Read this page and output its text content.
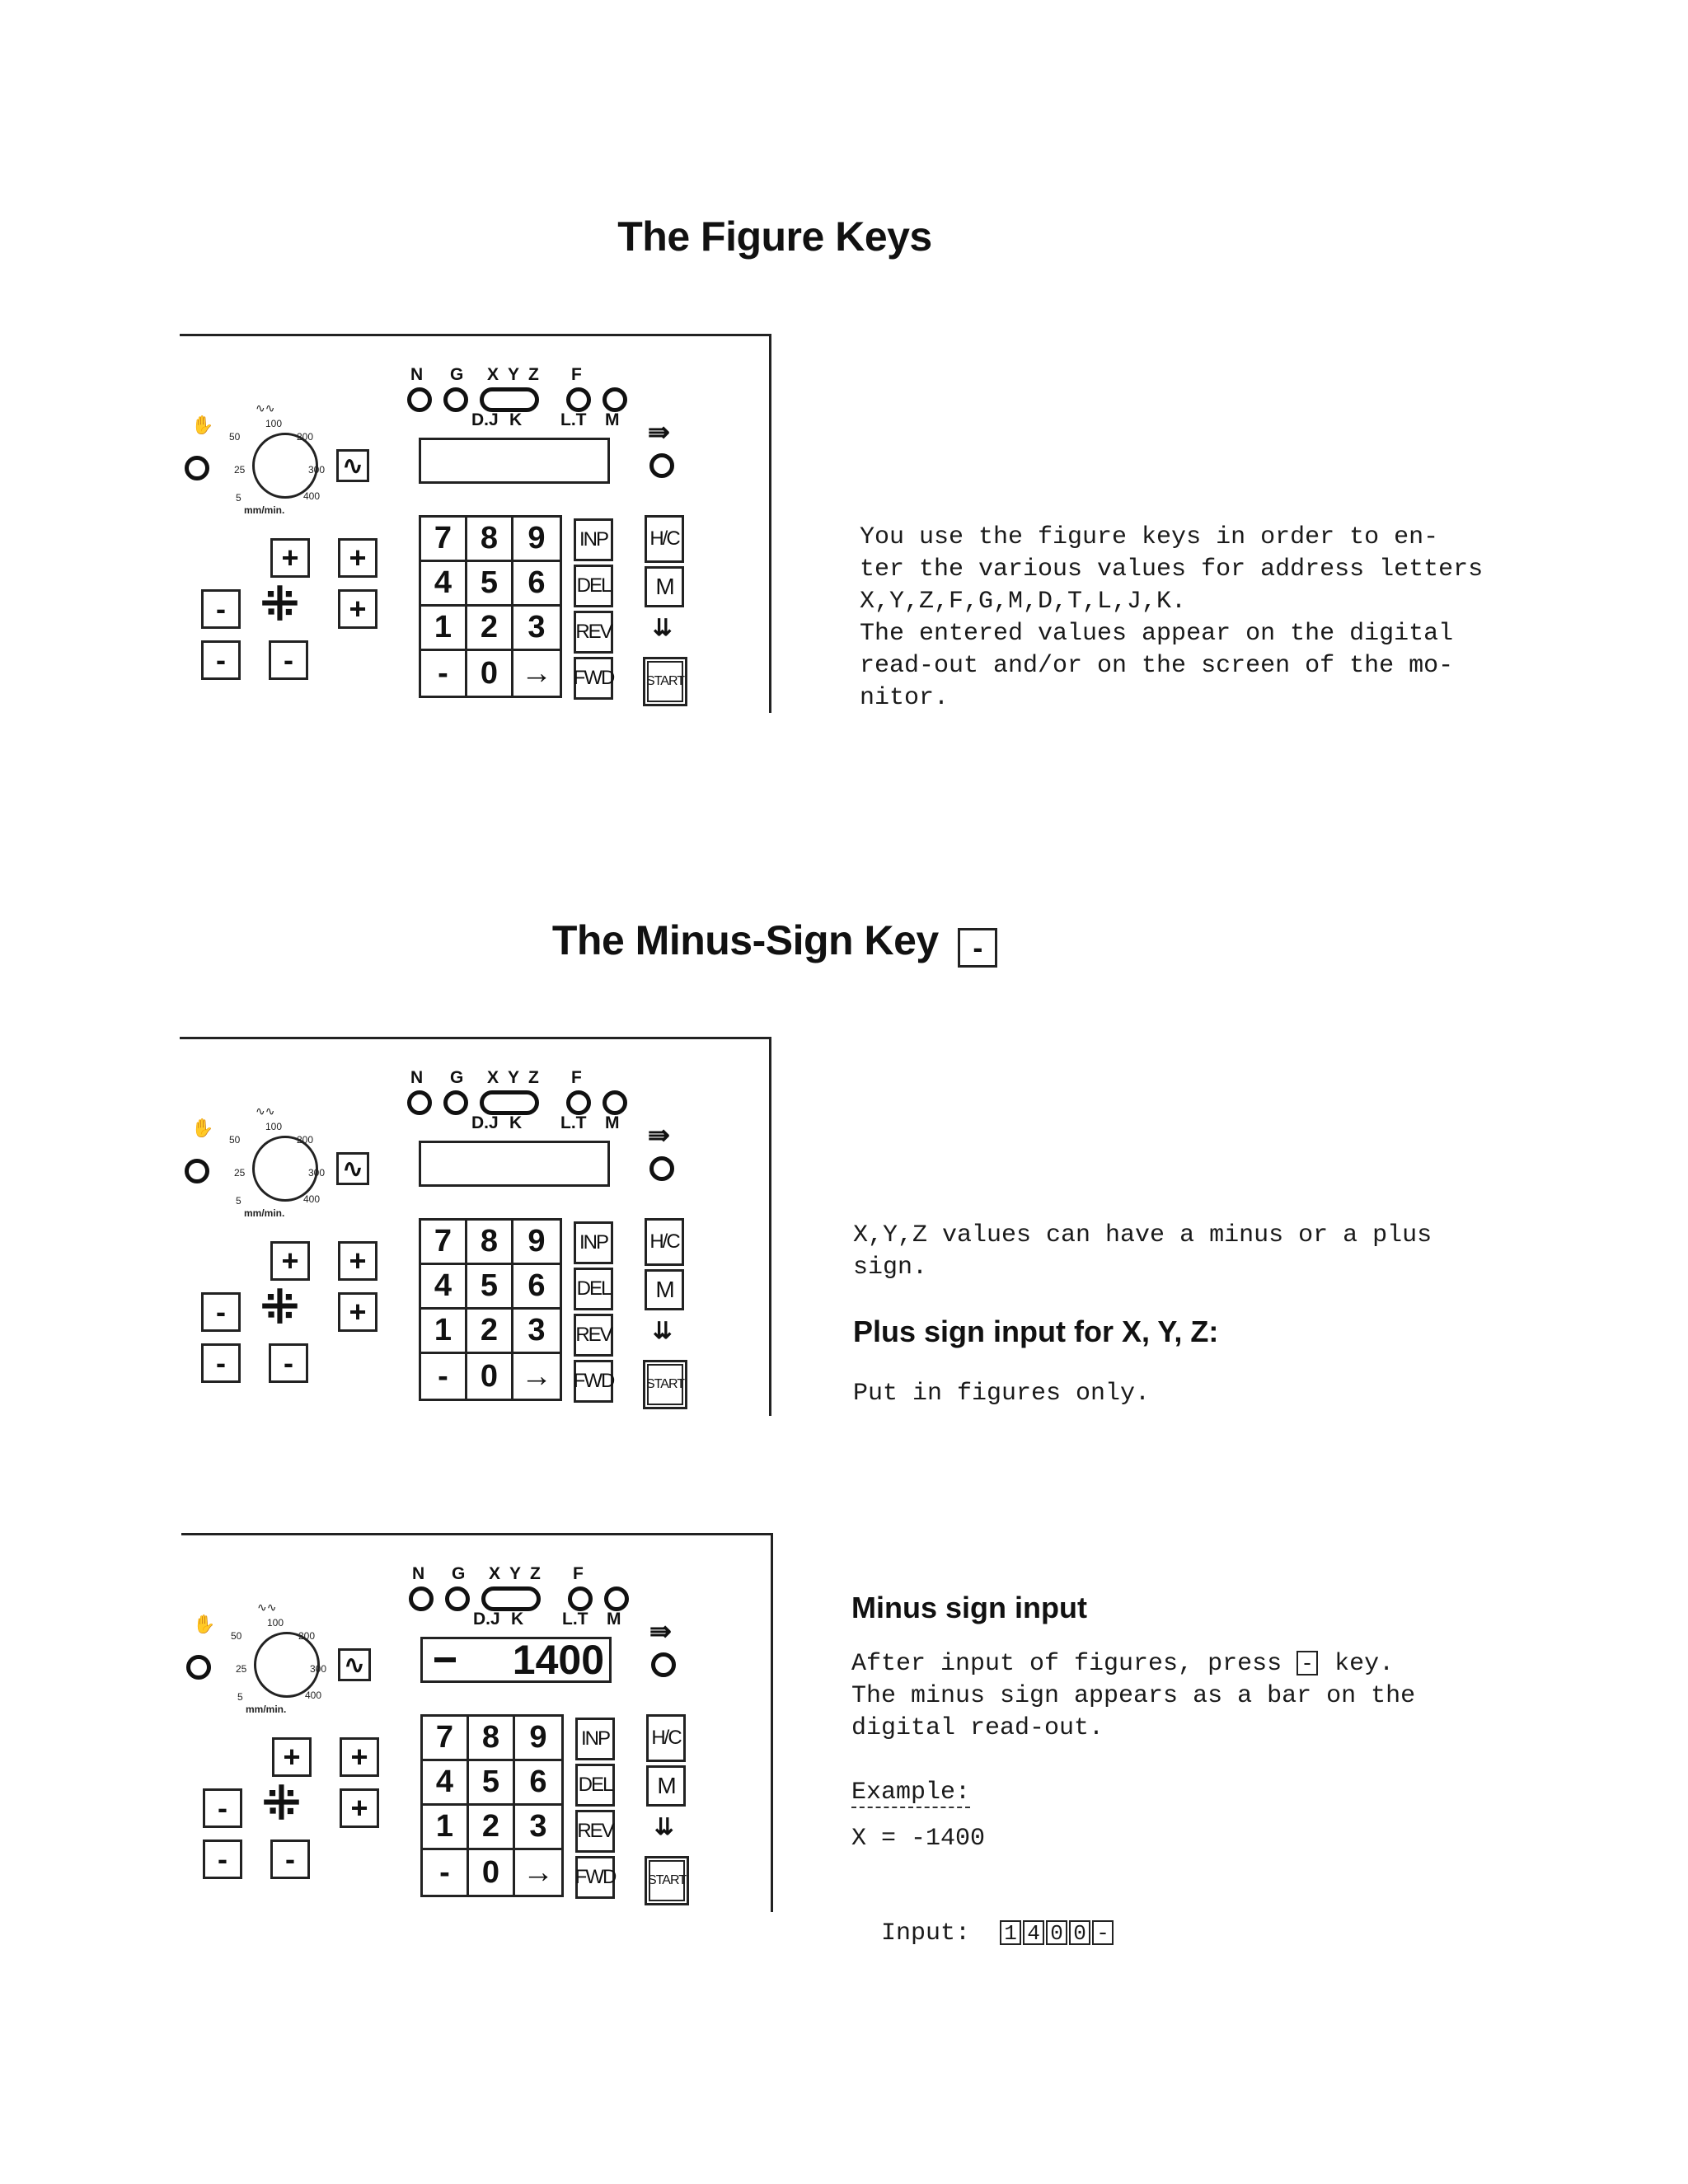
The Figure Keys
N G X Y Z F
D.J K L.T M
✋
∿∿
100
50	200
25	300
5	400
mm/min.
∿
+	+
- ⁜	+
-	-
7 8 9
4 5 6
1 2 3
-	0 →
INP
DEL
REV
FWD
⇛
H/C
M
⇊
START
You use the figure keys in order to en-
ter the various values for address letters
X,Y,Z,F,G,M,D,T,L,J,K.
The entered values appear on the digital
read-out and/or on the screen of the mo-
nitor.
The Minus-Sign Key -
N G X Y Z F
D.J K L.T M
✋
∿∿
100
50	200
25	300
5	400
mm/min.
∿
+	+
- ⁜	+
-	-
7 8 9
4 5 6
1 2 3
-	0 →
INP
DEL
REV
FWD
⇛
H/C
M
⇊
START
X,Y,Z values can have a minus or a plus
sign.
Plus sign input for X, Y, Z:
Put in figures only.
N G X Y Z F
D.J K L.T M
✋
∿∿
100
50	200
25	300
5	400
mm/min.
∿
+	+
- ⁜	+
-	-
1400
7 8 9
4 5 6
1 2 3
-	0 →
INP
DEL
REV
FWD
⇛
H/C
M
⇊
START
Minus sign input
After input of figures, press - key.
The minus sign appears as a bar on the
digital read-out.
Example:
X = -1400

Input: 1 4 0 0 -
